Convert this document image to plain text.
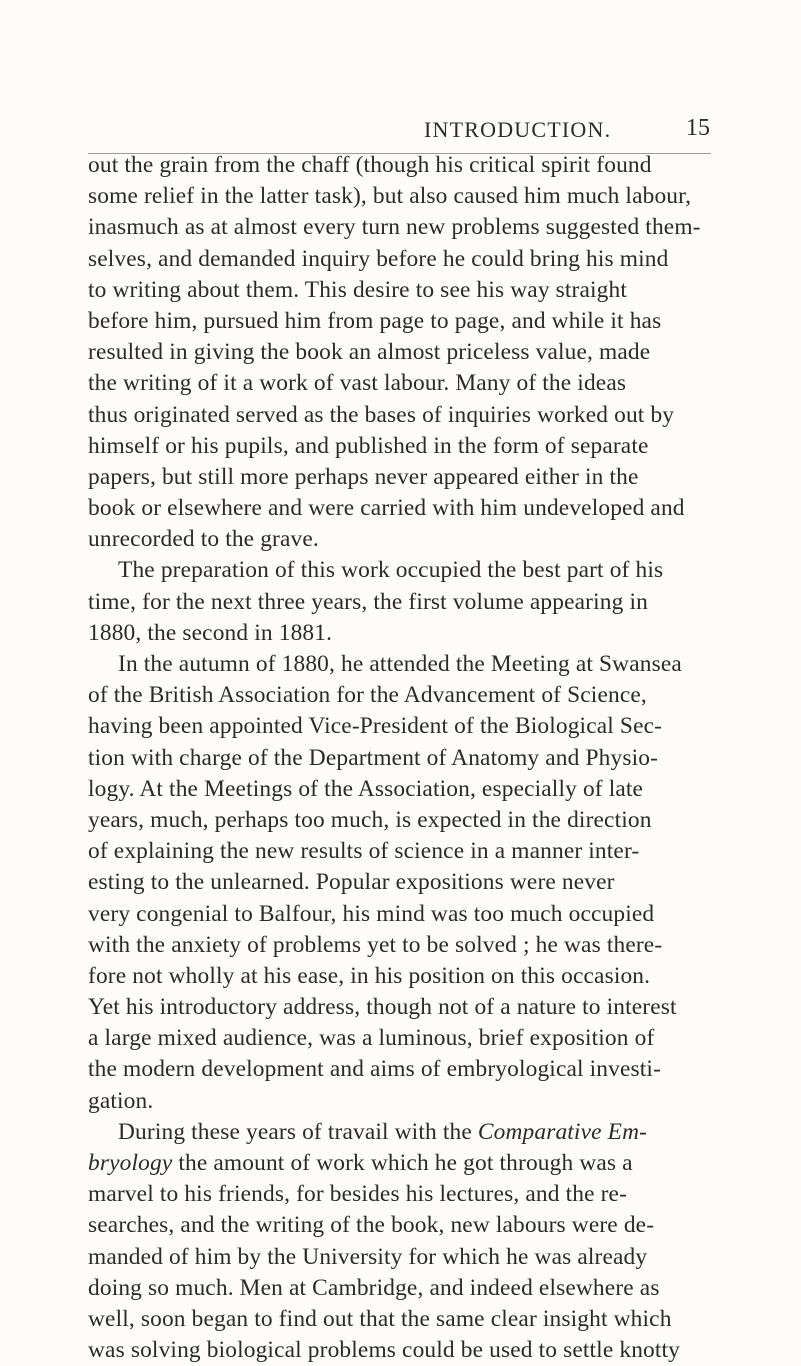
INTRODUCTION.	15
out the grain from the chaff (though his critical spirit found
some relief in the latter task), but also caused him much labour,
inasmuch as at almost every turn new problems suggested them-
selves, and demanded inquiry before he could bring his mind
to writing about them. This desire to see his way straight
before him, pursued him from page to page, and while it has
resulted in giving the book an almost priceless value, made
the writing of it a work of vast labour. Many of the ideas
thus originated served as the bases of inquiries worked out by
himself or his pupils, and published in the form of separate
papers, but still more perhaps never appeared either in the
book or elsewhere and were carried with him undeveloped and
unrecorded to the grave.
The preparation of this work occupied the best part of his
time, for the next three years, the first volume appearing in
1880, the second in 1881.
In the autumn of 1880, he attended the Meeting at Swansea
of the British Association for the Advancement of Science,
having been appointed Vice-President of the Biological Sec-
tion with charge of the Department of Anatomy and Physio-
logy. At the Meetings of the Association, especially of late
years, much, perhaps too much, is expected in the direction
of explaining the new results of science in a manner inter-
esting to the unlearned. Popular expositions were never
very congenial to Balfour, his mind was too much occupied
with the anxiety of problems yet to be solved ; he was there-
fore not wholly at his ease, in his position on this occasion.
Yet his introductory address, though not of a nature to interest
a large mixed audience, was a luminous, brief exposition of
the modern development and aims of embryological investi-
gation.
During these years of travail with the Comparative Em-
bryology the amount of work which he got through was a
marvel to his friends, for besides his lectures, and the re-
searches, and the writing of the book, new labours were de-
manded of him by the University for which he was already
doing so much. Men at Cambridge, and indeed elsewhere as
well, soon began to find out that the same clear insight which
was solving biological problems could be used to settle knotty
